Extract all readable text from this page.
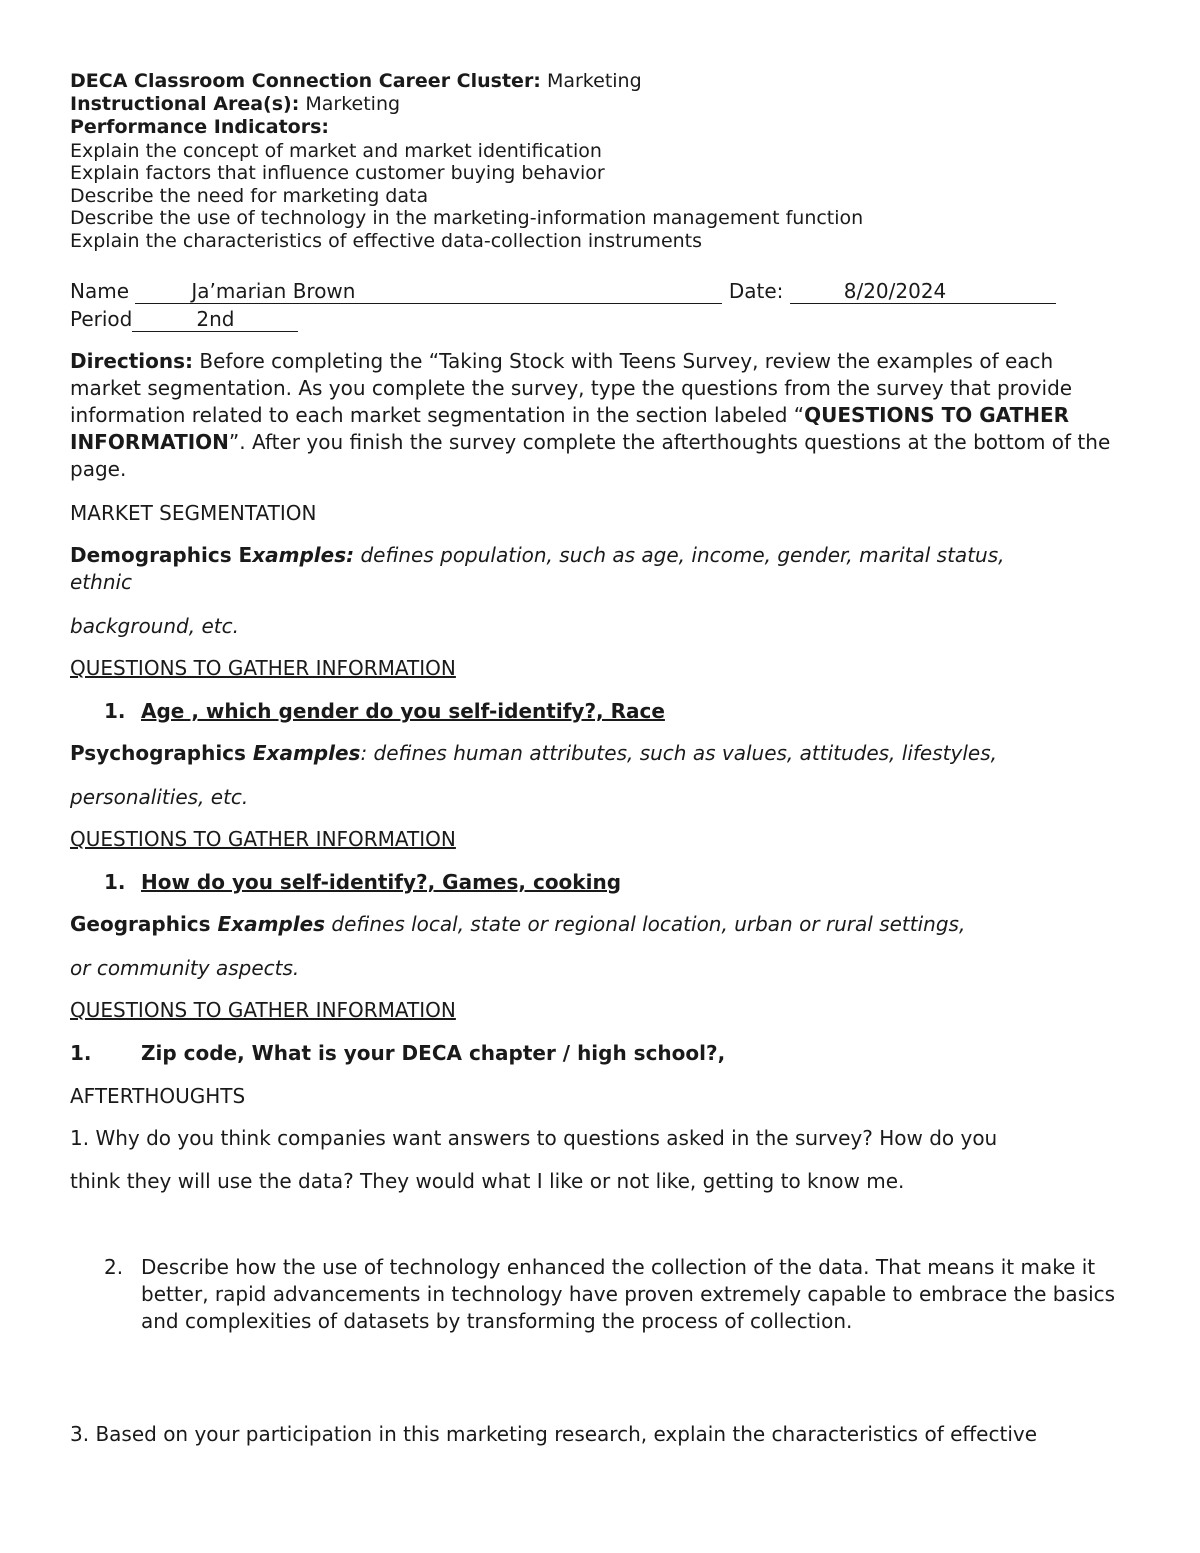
DECA Classroom Connection Career Cluster: Marketing
Instructional Area(s): Marketing
Performance Indicators:
Explain the concept of market and market identification
Explain factors that influence customer buying behavior
Describe the need for marketing data
Describe the use of technology in the marketing-information management function
Explain the characteristics of effective data-collection instruments
Name	Ja’marian Brown	Date:	8/20/2024
Period	2nd
Directions: Before completing the “Taking Stock with Teens Survey, review the examples of each market segmentation. As you complete the survey, type the questions from the survey that provide information related to each market segmentation in the section labeled “QUESTIONS TO GATHER INFORMATION”. After you finish the survey complete the afterthoughts questions at the bottom of the page.
MARKET SEGMENTATION
Demographics Examples: defines population, such as age, income, gender, marital status,
ethnic
background, etc.
QUESTIONS TO GATHER INFORMATION
1. Age , which gender do you self-identify?, Race
Psychographics Examples: defines human attributes, such as values, attitudes, lifestyles,
personalities, etc.
QUESTIONS TO GATHER INFORMATION
1. How do you self-identify?, Games, cooking
Geographics Examples defines local, state or regional location, urban or rural settings,
or community aspects.
QUESTIONS TO GATHER INFORMATION
1. Zip code, What is your DECA chapter / high school?,
AFTERTHOUGHTS
1. Why do you think companies want answers to questions asked in the survey? How do you
think they will use the data? They would what I like or not like, getting to know me.
2. Describe how the use of technology enhanced the collection of the data. That means it make it better, rapid advancements in technology have proven extremely capable to embrace the basics and complexities of datasets by transforming the process of collection.
3. Based on your participation in this marketing research, explain the characteristics of effective
